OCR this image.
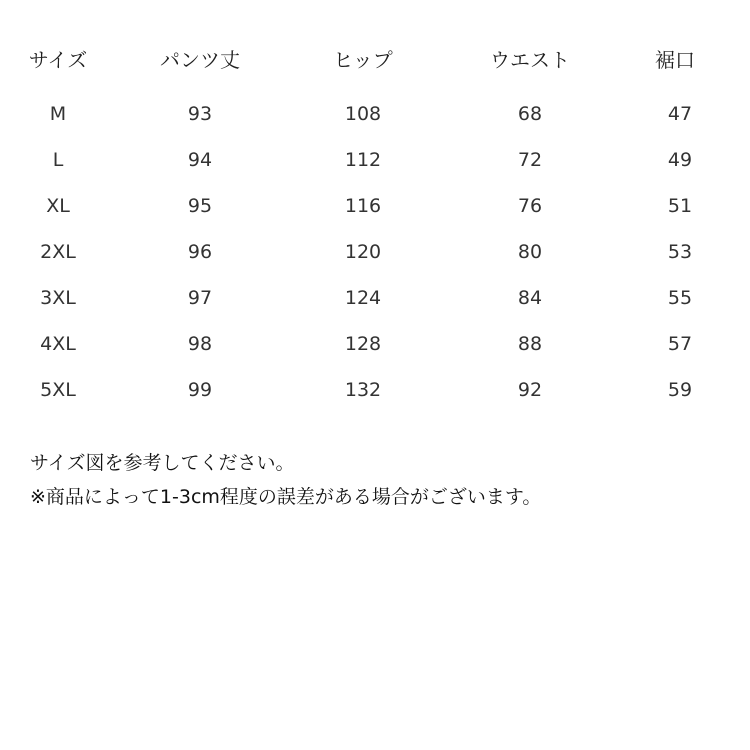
サイズ	パンツ丈	ヒップ	ウエスト	裾口
M	93	108	68	47
L	94	112	72	49
XL	95	116	76	51
2XL	96	120	80	53
3XL	97	124	84	55
4XL	98	128	88	57
5XL	99	132	92	59
サイズ図を参考してください。
※商品によって1-3cm程度の誤差がある場合がございます。
